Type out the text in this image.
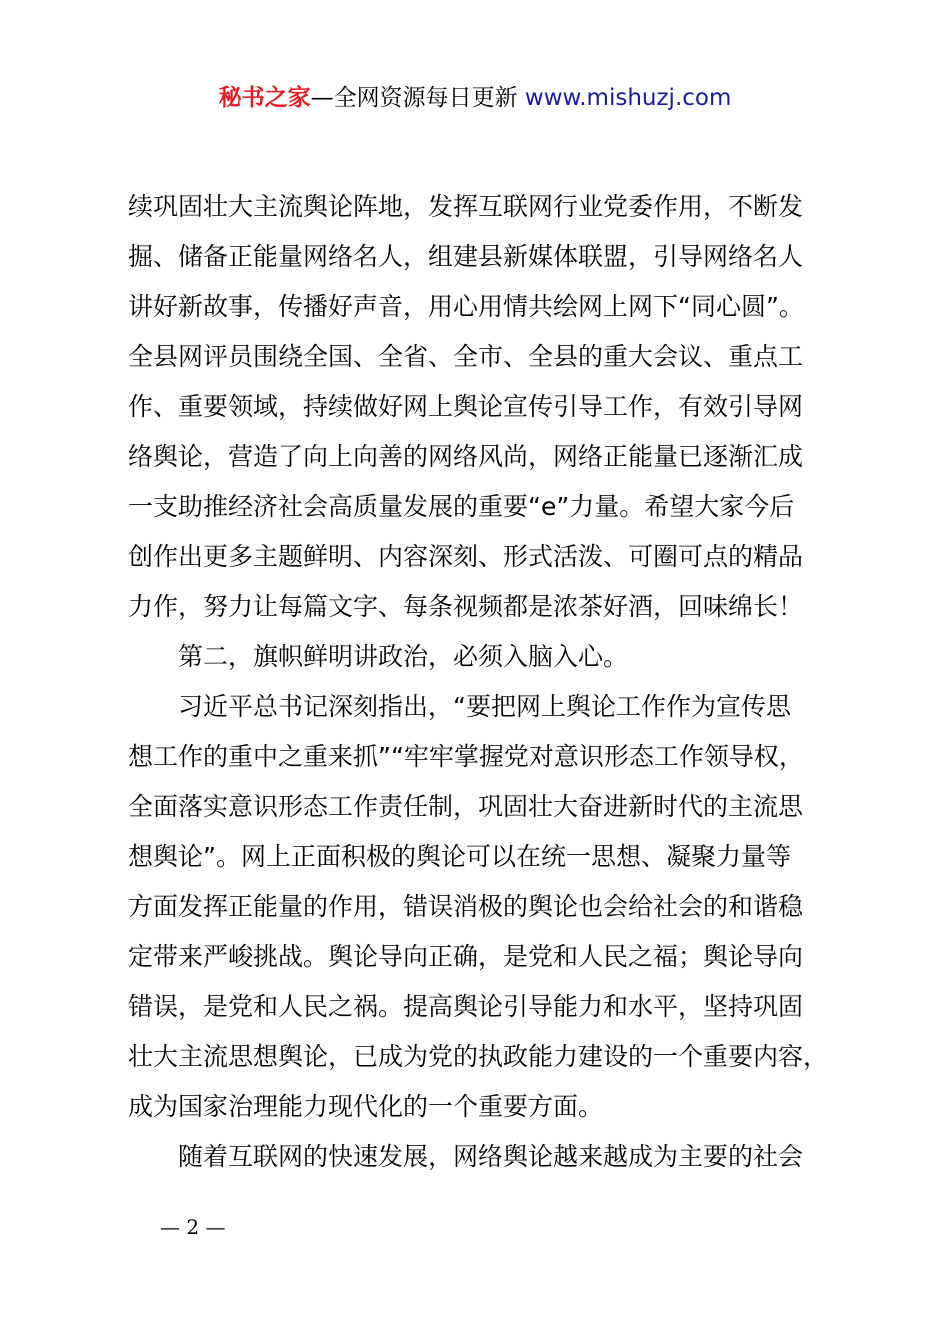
秘书之家—全网资源每日更新 www.mishuzj.com
续巩固壮大主流舆论阵地，发挥互联网行业党委作用，不断发
掘、储备正能量网络名人，组建县新媒体联盟，引导网络名人
讲好新故事，传播好声音，用心用情共绘网上网下“同心圆”。
全县网评员围绕全国、全省、全市、全县的重大会议、重点工
作、重要领域，持续做好网上舆论宣传引导工作，有效引导网
络舆论，营造了向上向善的网络风尚，网络正能量已逐渐汇成
一支助推经济社会高质量发展的重要“e”力量。希望大家今后
创作出更多主题鲜明、内容深刻、形式活泼、可圈可点的精品
力作，努力让每篇文字、每条视频都是浓茶好酒，回味绵长！
第二，旗帜鲜明讲政治，必须入脑入心。
习近平总书记深刻指出，“要把网上舆论工作作为宣传思
想工作的重中之重来抓”“牢牢掌握党对意识形态工作领导权，
全面落实意识形态工作责任制，巩固壮大奋进新时代的主流思
想舆论”。网上正面积极的舆论可以在统一思想、凝聚力量等
方面发挥正能量的作用，错误消极的舆论也会给社会的和谐稳
定带来严峻挑战。舆论导向正确，是党和人民之福；舆论导向
错误，是党和人民之祸。提高舆论引导能力和水平，坚持巩固
壮大主流思想舆论，已成为党的执政能力建设的一个重要内容，
成为国家治理能力现代化的一个重要方面。
随着互联网的快速发展，网络舆论越来越成为主要的社会
— 2 —
